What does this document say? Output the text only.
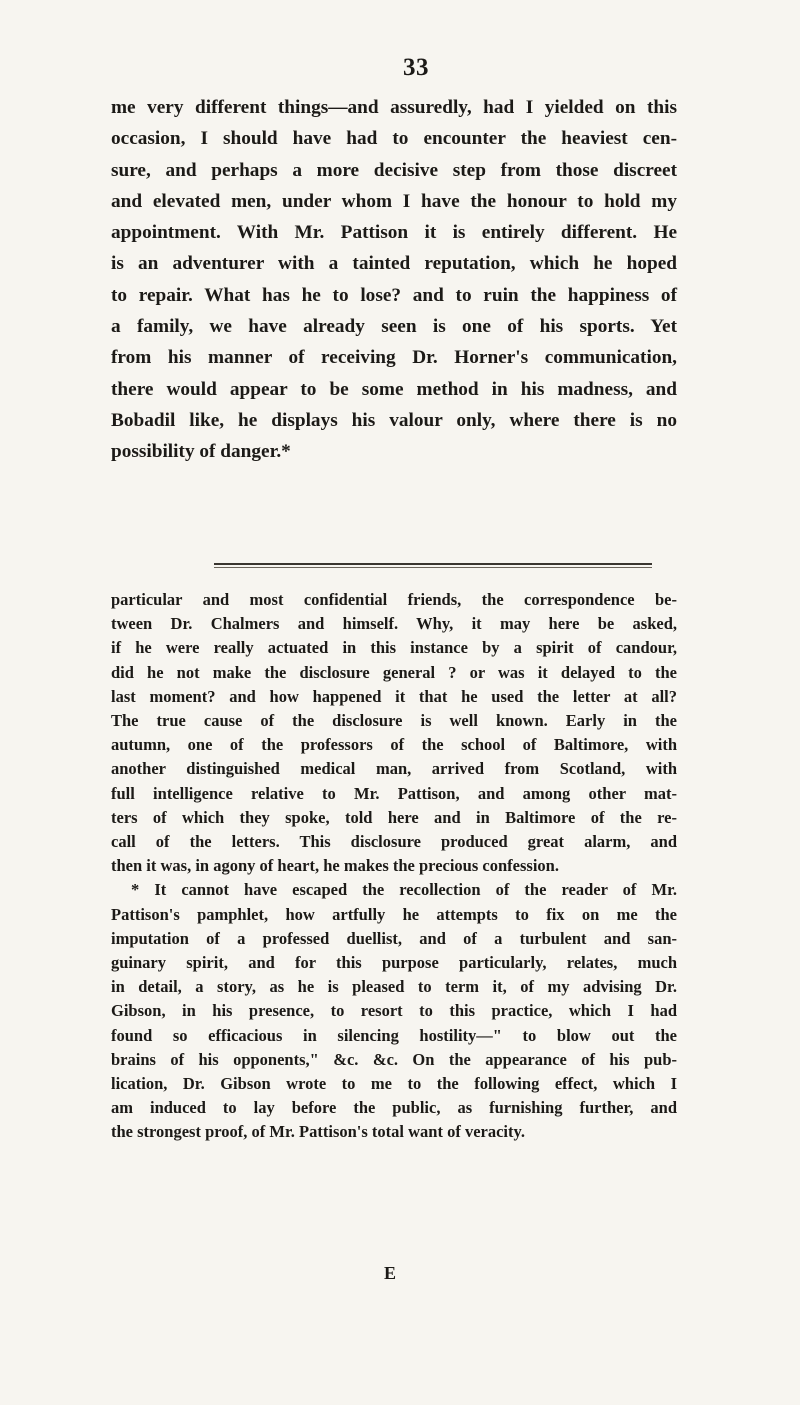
33

me very different things—and assuredly, had I yielded on this
occasion, I should have had to encounter the heaviest cen-
sure, and perhaps a more decisive step from those discreet
and elevated men, under whom I have the honour to hold my
appointment. With Mr. Pattison it is entirely different. He
is an adventurer with a tainted reputation, which he hoped
to repair. What has he to lose? and to ruin the happiness of
a family, we have already seen is one of his sports. Yet
from his manner of receiving Dr. Horner's communication,
there would appear to be some method in his madness, and
Bobadil like, he displays his valour only, where there is no
possibility of danger.*

particular and most confidential friends, the correspondence be-
tween Dr. Chalmers and himself. Why, it may here be asked,
if he were really actuated in this instance by a spirit of candour,
did he not make the disclosure general ? or was it delayed to the
last moment? and how happened it that he used the letter at all?
The true cause of the disclosure is well known. Early in the
autumn, one of the professors of the school of Baltimore, with
another distinguished medical man, arrived from Scotland, with
full intelligence relative to Mr. Pattison, and among other mat-
ters of which they spoke, told here and in Baltimore of the re-
call of the letters. This disclosure produced great alarm, and
then it was, in agony of heart, he makes the precious confession.
* It cannot have escaped the recollection of the reader of Mr.
Pattison's pamphlet, how artfully he attempts to fix on me the
imputation of a professed duellist, and of a turbulent and san-
guinary spirit, and for this purpose particularly, relates, much
in detail, a story, as he is pleased to term it, of my advising Dr.
Gibson, in his presence, to resort to this practice, which I had
found so efficacious in silencing hostility—" to blow out the
brains of his opponents," &c. &c. On the appearance of his pub-
lication, Dr. Gibson wrote to me to the following effect, which I
am induced to lay before the public, as furnishing further, and
the strongest proof, of Mr. Pattison's total want of veracity.
E
